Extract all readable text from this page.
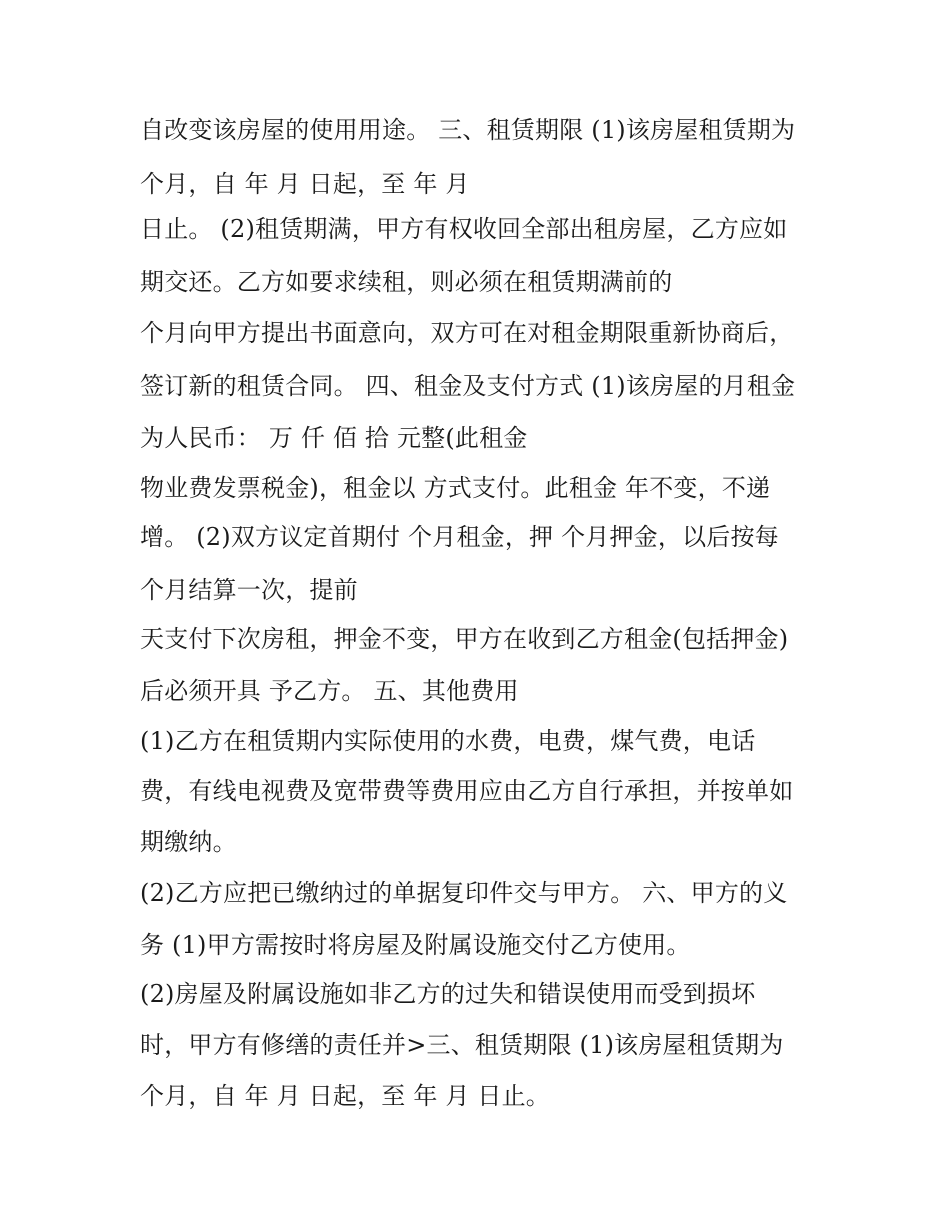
自改变该房屋的使用用途。 三、租赁期限 (1)该房屋租赁期为
个月，自 年 月 日起，至 年 月
日止。 (2)租赁期满，甲方有权收回全部出租房屋，乙方应如
期交还。乙方如要求续租，则必须在租赁期满前的
个月向甲方提出书面意向，双方可在对租金期限重新协商后，
签订新的租赁合同。 四、租金及支付方式 (1)该房屋的月租金
为人民币： 万 仟 佰 拾 元整(此租金
物业费发票税金)，租金以 方式支付。此租金 年不变，不递
增。 (2)双方议定首期付 个月租金，押 个月押金，以后按每
个月结算一次，提前
天支付下次房租，押金不变，甲方在收到乙方租金(包括押金)
后必须开具 予乙方。 五、其他费用
(1)乙方在租赁期内实际使用的水费，电费，煤气费，电话
费，有线电视费及宽带费等费用应由乙方自行承担，并按单如
期缴纳。
(2)乙方应把已缴纳过的单据复印件交与甲方。 六、甲方的义
务 (1)甲方需按时将房屋及附属设施交付乙方使用。
(2)房屋及附属设施如非乙方的过失和错误使用而受到损坏
时，甲方有修缮的责任并>三、租赁期限 (1)该房屋租赁期为
个月，自 年 月 日起，至 年 月 日止。
